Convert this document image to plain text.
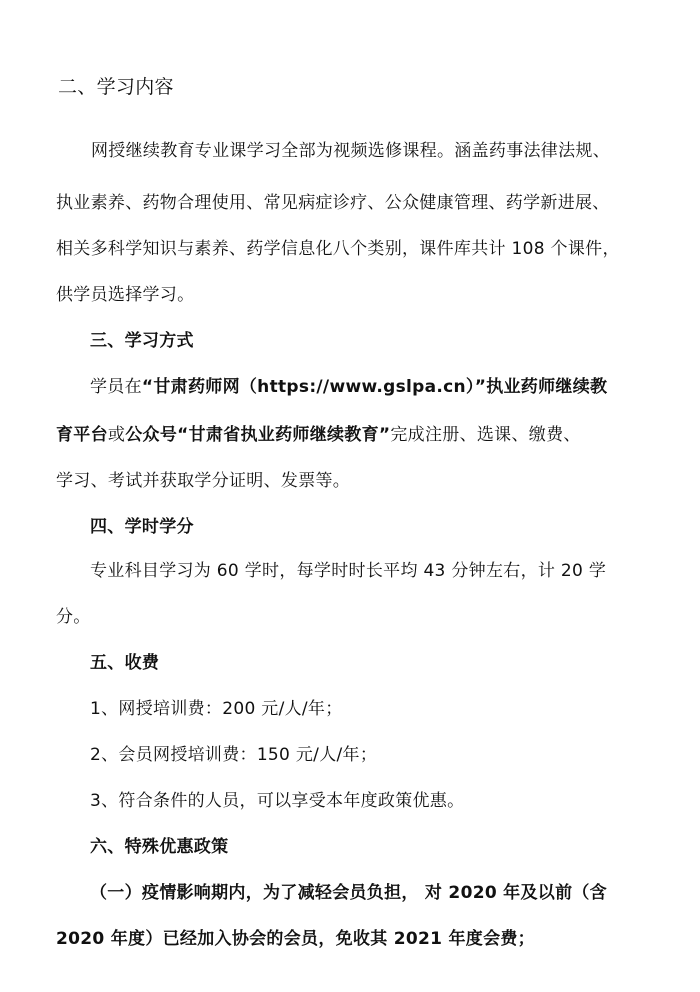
二、学习内容
网授继续教育专业课学习全部为视频选修课程。涵盖药事法律法规、
执业素养、药物合理使用、常见病症诊疗、公众健康管理、药学新进展、
相关多科学知识与素养、药学信息化八个类别，课件库共计 108 个课件，
供学员选择学习。
三、学习方式
学员在“甘肃药师网（https://www.gslpa.cn）”执业药师继续教
育平台或公众号“甘肃省执业药师继续教育”完成注册、选课、缴费、
学习、考试并获取学分证明、发票等。
四、学时学分
专业科目学习为 60 学时，每学时时长平均 43 分钟左右，计 20 学
分。
五、收费
1、网授培训费：200 元/人/年；
2、会员网授培训费：150 元/人/年；
3、符合条件的人员，可以享受本年度政策优惠。
六、特殊优惠政策
（一）疫情影响期内，为了减轻会员负担， 对 2020 年及以前（含
2020 年度）已经加入协会的会员，免收其 2021 年度会费；
